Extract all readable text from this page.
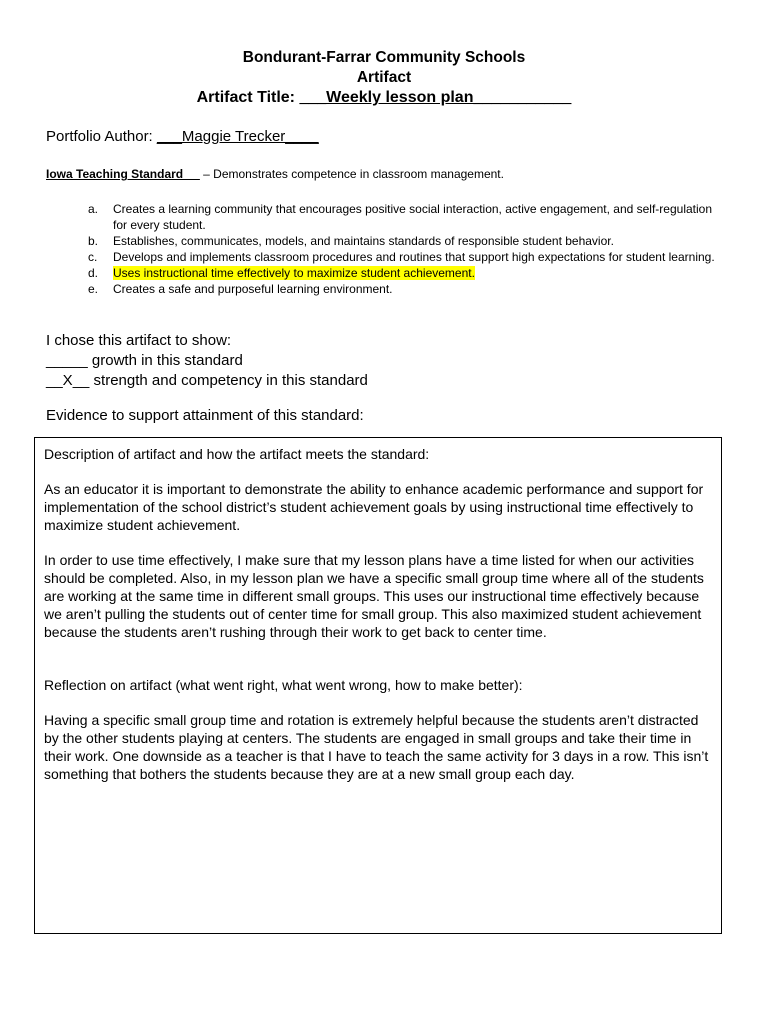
Bondurant-Farrar Community Schools
Artifact
Artifact Title: ___Weekly lesson plan___________
Portfolio Author: ___Maggie Trecker____
Iowa Teaching Standard __ – Demonstrates competence in classroom management.
a.	Creates a learning community that encourages positive social interaction, active engagement, and self-regulation for every student.
b.	Establishes, communicates, models, and maintains standards of responsible student behavior.
c.	Develops and implements classroom procedures and routines that support high expectations for student learning.
d.	Uses instructional time effectively to maximize student achievement.
e.	Creates a safe and purposeful learning environment.
I chose this artifact to show:
_____ growth in this standard
__X__ strength and competency in this standard
Evidence to support attainment of this standard:

Description of artifact and how the artifact meets the standard:

As an educator it is important to demonstrate the ability to enhance academic performance and support for implementation of the school district’s student achievement goals by using instructional time effectively to maximize student achievement.

In order to use time effectively, I make sure that my lesson plans have a time listed for when our activities should be completed. Also, in my lesson plan we have a specific small group time where all of the students are working at the same time in different small groups. This uses our instructional time effectively because we aren’t pulling the students out of center time for small group. This also maximized student achievement because the students aren’t rushing through their work to get back to center time.

Reflection on artifact (what went right, what went wrong, how to make better):

Having a specific small group time and rotation is extremely helpful because the students aren’t distracted by the other students playing at centers. The students are engaged in small groups and take their time in their work. One downside as a teacher is that I have to teach the same activity for 3 days in a row. This isn’t something that bothers the students because they are at a new small group each day.
